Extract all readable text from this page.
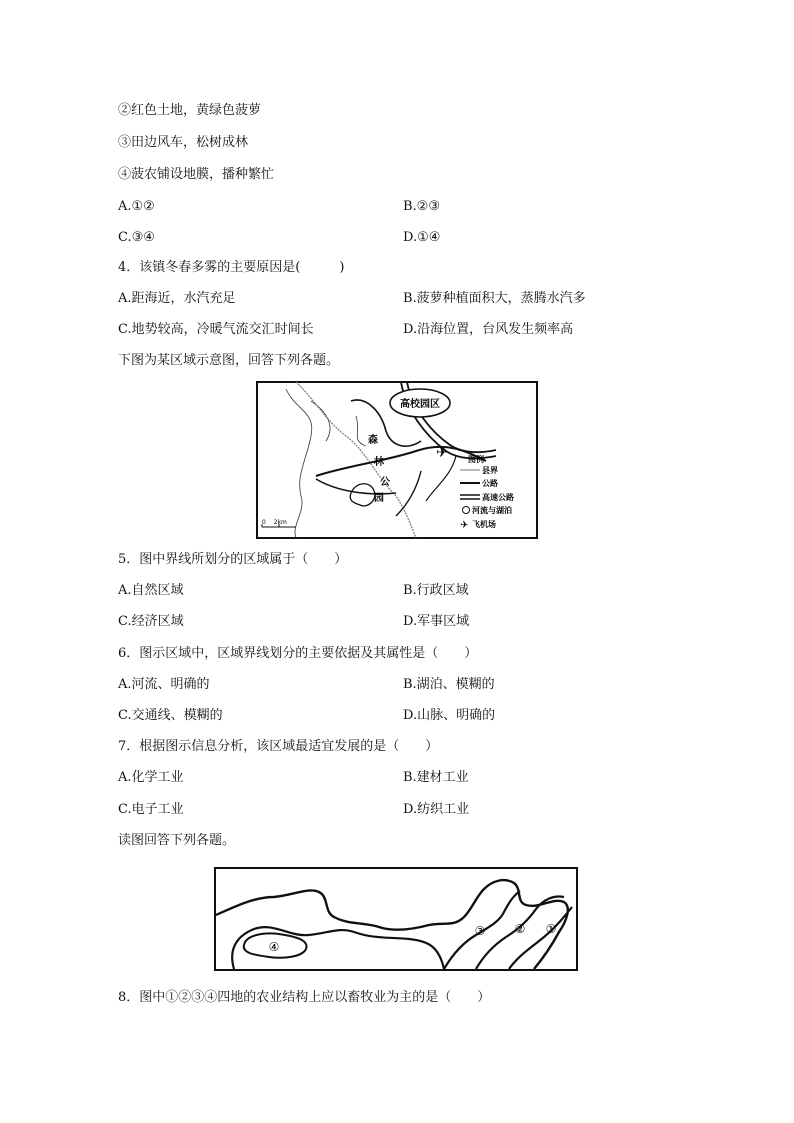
②红色土地，黄绿色菠萝
③田边风车，松树成林
④菠农铺设地膜，播种繁忙
A.①②	B.②③
C.③④	D.①④
4．该镇冬春多雾的主要原因是(　　　)
A.距海近，水汽充足	B.菠萝种植面积大，蒸腾水汽多
C.地势较高，冷暖气流交汇时间长	D.沿海位置，台风发生频率高
下图为某区域示意图，回答下列各题。
高校园区
森
林
公
园
✈	图例
县界
公路
高速公路
河流与湖泊
✈ 飞机场
0　 2km
5．图中界线所划分的区域属于（　　）
A.自然区域	B.行政区域
C.经济区域	D.军事区域
6．图示区域中，区域界线划分的主要依据及其属性是（　　）
A.河流、明确的	B.湖泊、模糊的
C.交通线、模糊的	D.山脉、明确的
7．根据图示信息分析，该区域最适宜发展的是（　　）
A.化学工业	B.建材工业
C.电子工业	D.纺织工业
读图回答下列各题。
④
③ ② ①
8．图中①②③④四地的农业结构上应以畜牧业为主的是（　　）
